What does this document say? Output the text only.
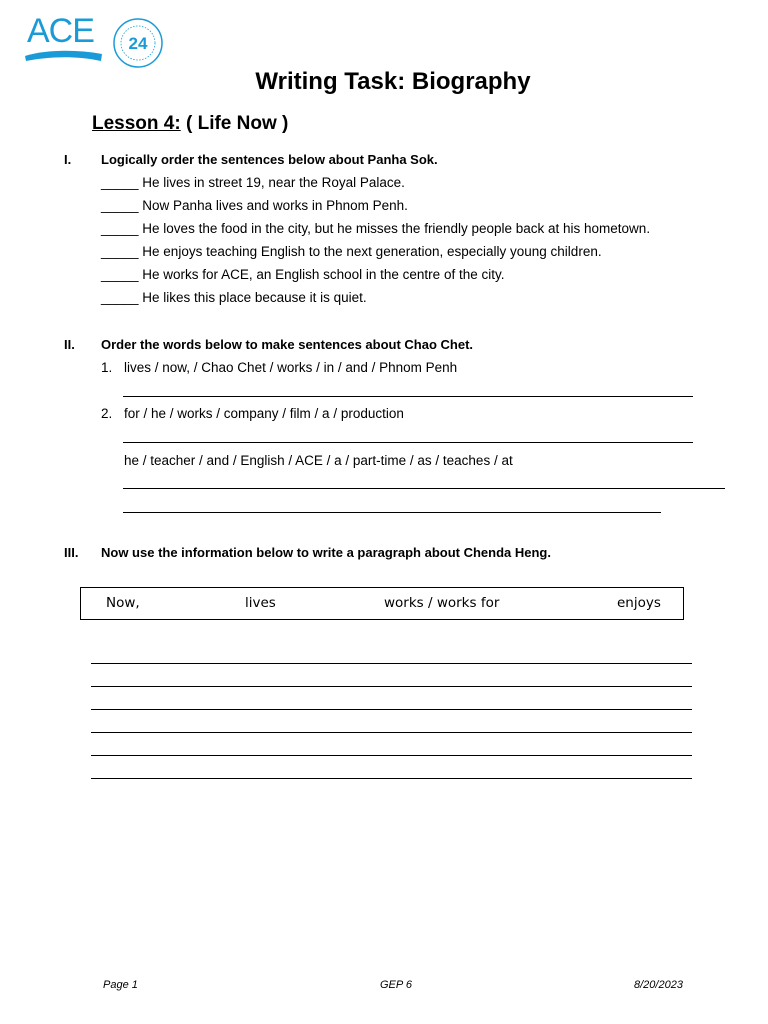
ACE 24
Writing Task: Biography
Lesson 4: ( Life Now )
I. Logically order the sentences below about Panha Sok.
_____ He lives in street 19, near the Royal Palace.
_____ Now Panha lives and works in Phnom Penh.
_____ He loves the food in the city, but he misses the friendly people back at his hometown.
_____ He enjoys teaching English to the next generation, especially young children.
_____ He works for ACE, an English school in the centre of the city.
_____ He likes this place because it is quiet.
II. Order the words below to make sentences about Chao Chet.
1. lives / now, / Chao Chet / works / in / and / Phnom Penh
2. for / he / works / company / film / a / production
he / teacher / and / English / ACE / a / part-time / as / teaches / at
III. Now use the information below to write a paragraph about Chenda Heng.
Now,	lives	works / works for	enjoys
Page 1	GEP 6	8/20/2023
